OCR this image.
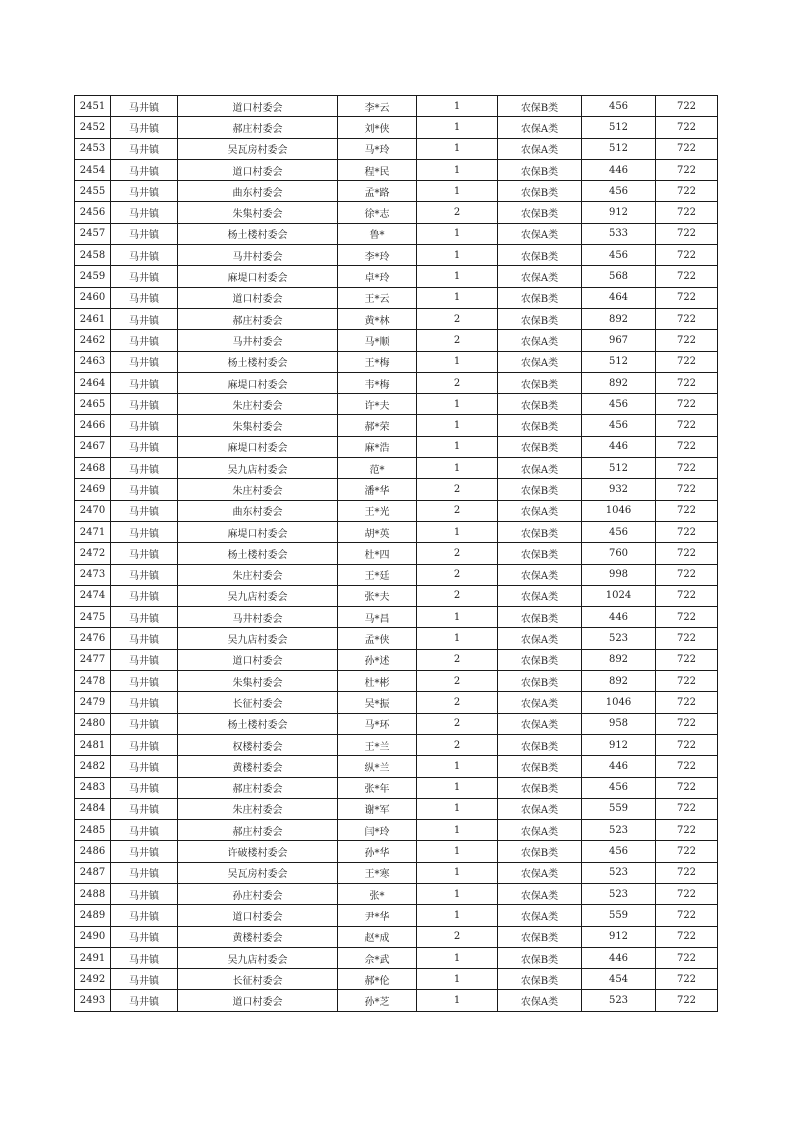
2451	马井镇	道口村委会	李*云	1	农保B类	456	722
2452	马井镇	郝庄村委会	刘*侠	1	农保A类	512	722
2453	马井镇	吴瓦房村委会	马*玲	1	农保A类	512	722
2454	马井镇	道口村委会	程*民	1	农保B类	446	722
2455	马井镇	曲东村委会	孟*路	1	农保B类	456	722
2456	马井镇	朱集村委会	徐*志	2	农保B类	912	722
2457	马井镇	杨土楼村委会	鲁*	1	农保A类	533	722
2458	马井镇	马井村委会	李*玲	1	农保B类	456	722
2459	马井镇	麻堤口村委会	卓*玲	1	农保A类	568	722
2460	马井镇	道口村委会	王*云	1	农保B类	464	722
2461	马井镇	郝庄村委会	黄*林	2	农保B类	892	722
2462	马井镇	马井村委会	马*顺	2	农保A类	967	722
2463	马井镇	杨土楼村委会	王*梅	1	农保A类	512	722
2464	马井镇	麻堤口村委会	韦*梅	2	农保B类	892	722
2465	马井镇	朱庄村委会	许*夫	1	农保B类	456	722
2466	马井镇	朱集村委会	郝*荣	1	农保B类	456	722
2467	马井镇	麻堤口村委会	麻*浩	1	农保B类	446	722
2468	马井镇	吴九店村委会	范*	1	农保A类	512	722
2469	马井镇	朱庄村委会	潘*华	2	农保B类	932	722
2470	马井镇	曲东村委会	王*光	2	农保A类	1046	722
2471	马井镇	麻堤口村委会	胡*英	1	农保B类	456	722
2472	马井镇	杨土楼村委会	杜*四	2	农保B类	760	722
2473	马井镇	朱庄村委会	王*廷	2	农保A类	998	722
2474	马井镇	吴九店村委会	张*夫	2	农保A类	1024	722
2475	马井镇	马井村委会	马*昌	1	农保B类	446	722
2476	马井镇	吴九店村委会	孟*侠	1	农保A类	523	722
2477	马井镇	道口村委会	孙*述	2	农保B类	892	722
2478	马井镇	朱集村委会	杜*彬	2	农保B类	892	722
2479	马井镇	长征村委会	吴*振	2	农保A类	1046	722
2480	马井镇	杨土楼村委会	马*环	2	农保A类	958	722
2481	马井镇	权楼村委会	王*兰	2	农保B类	912	722
2482	马井镇	黄楼村委会	纵*兰	1	农保B类	446	722
2483	马井镇	郝庄村委会	张*年	1	农保B类	456	722
2484	马井镇	朱庄村委会	谢*军	1	农保A类	559	722
2485	马井镇	郝庄村委会	闫*玲	1	农保A类	523	722
2486	马井镇	许破楼村委会	孙*华	1	农保B类	456	722
2487	马井镇	吴瓦房村委会	王*寒	1	农保A类	523	722
2488	马井镇	孙庄村委会	张*	1	农保A类	523	722
2489	马井镇	道口村委会	尹*华	1	农保A类	559	722
2490	马井镇	黄楼村委会	赵*成	2	农保B类	912	722
2491	马井镇	吴九店村委会	佘*武	1	农保B类	446	722
2492	马井镇	长征村委会	郝*伦	1	农保B类	454	722
2493	马井镇	道口村委会	孙*芝	1	农保A类	523	722
